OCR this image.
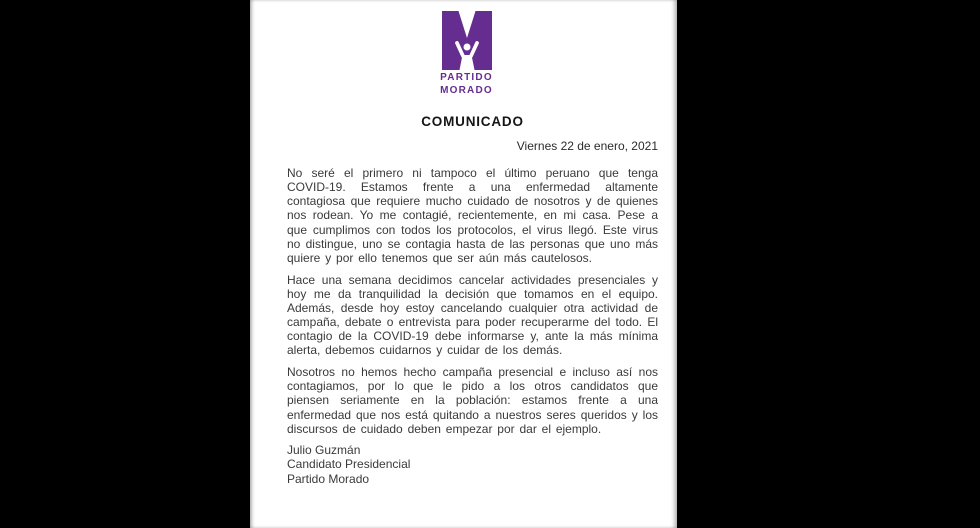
PARTIDO
MORADO
COMUNICADO
Viernes 22 de enero, 2021

No seré el primero ni tampoco el último peruano que tenga COVID-19. Estamos frente a una enfermedad altamente contagiosa que requiere mucho cuidado de nosotros y de quienes nos rodean. Yo me contagié, recientemente, en mi casa. Pese a que cumplimos con todos los protocolos, el virus llegó. Este virus no distingue, uno se contagia hasta de las personas que uno más quiere y por ello tenemos que ser aún más cautelosos.

Hace una semana decidimos cancelar actividades presenciales y hoy me da tranquilidad la decisión que tomamos en el equipo. Además, desde hoy estoy cancelando cualquier otra actividad de campaña, debate o entrevista para poder recuperarme del todo. El contagio de la COVID-19 debe informarse y, ante la más mínima alerta, debemos cuidarnos y cuidar de los demás.

Nosotros no hemos hecho campaña presencial e incluso así nos contagiamos, por lo que le pido a los otros candidatos que piensen seriamente en la población: estamos frente a una enfermedad que nos está quitando a nuestros seres queridos y los discursos de cuidado deben empezar por dar el ejemplo.

Julio Guzmán
Candidato Presidencial
Partido Morado
